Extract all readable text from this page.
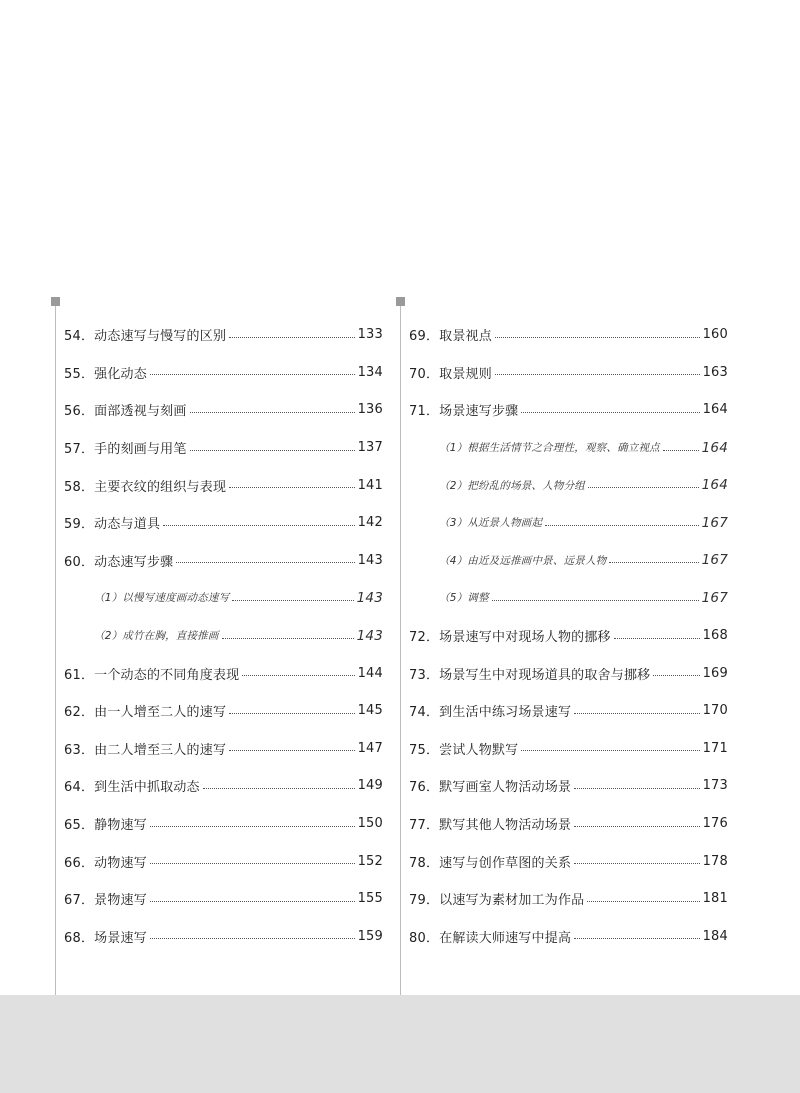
54．动态速写与慢写的区别	133
55．强化动态	134
56．面部透视与刻画	136
57．手的刻画与用笔	137
58．主要衣纹的组织与表现	141
59．动态与道具	142
60．动态速写步骤	143
（1）以慢写速度画动态速写	143
（2）成竹在胸，直接推画	143
61．一个动态的不同角度表现	144
62．由一人增至二人的速写	145
63．由二人增至三人的速写	147
64．到生活中抓取动态	149
65．静物速写	150
66．动物速写	152
67．景物速写	155
68．场景速写	159
69．取景视点	160
70．取景规则	163
71．场景速写步骤	164
（1）根据生活情节之合理性，观察、确立视点	164
（2）把纷乱的场景、人物分组	164
（3）从近景人物画起	167
（4）由近及远推画中景、远景人物	167
（5）调整	167
72．场景速写中对现场人物的挪移	168
73．场景写生中对现场道具的取舍与挪移	169
74．到生活中练习场景速写	170
75．尝试人物默写	171
76．默写画室人物活动场景	173
77．默写其他人物活动场景	176
78．速写与创作草图的关系	178
79．以速写为素材加工为作品	181
80．在解读大师速写中提高	184
